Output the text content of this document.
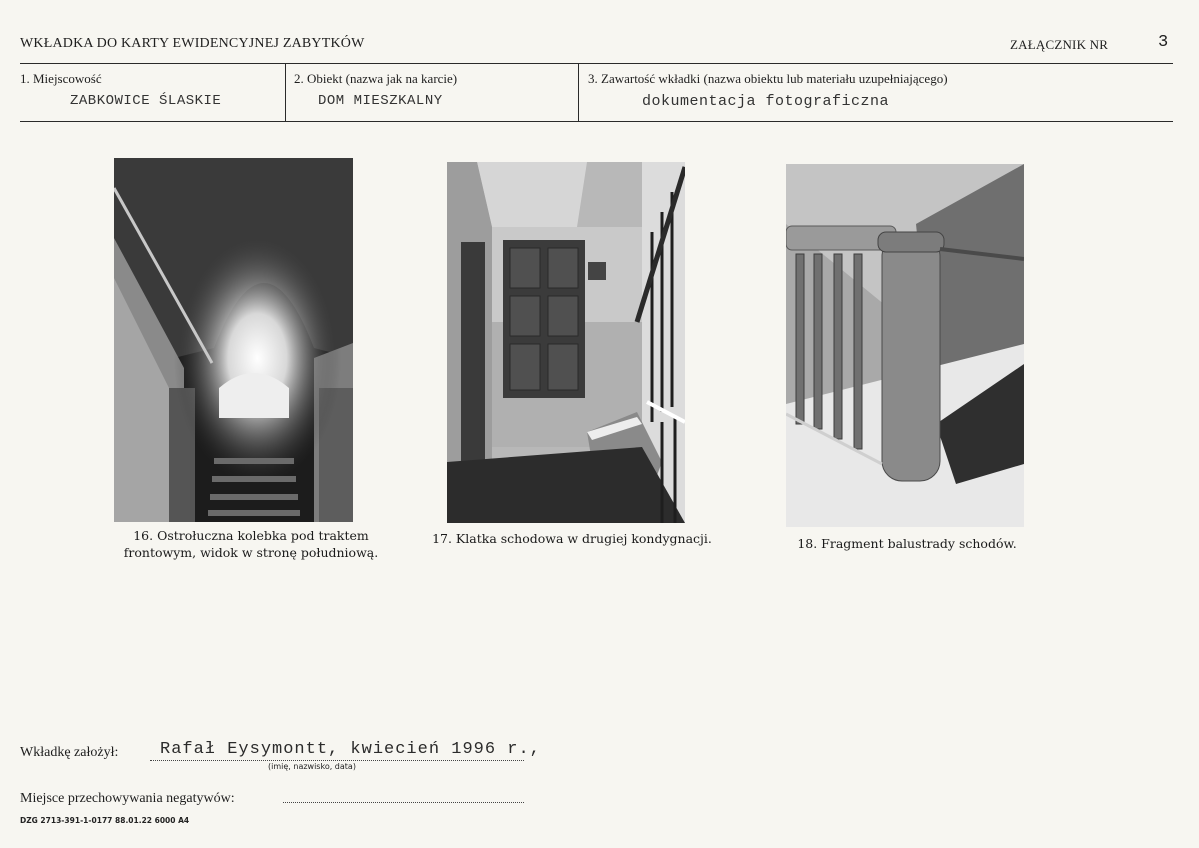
WKŁADKA DO KARTY EWIDENCYJNEJ ZABYTKÓW	ZAŁĄCZNIK NR	3
1. Miejscowość
ZABKOWICE ŚLASKIE
2. Obiekt (nazwa jak na karcie)
DOM MIESZKALNY
3. Zawartość wkładki (nazwa obiektu lub materiału uzupełniającego)
dokumentacja fotograficzna
16. Ostrołuczna kolebka pod traktem
frontowym, widok w stronę południową.
17. Klatka schodowa w drugiej kondygnacji.	18. Fragment balustrady schodów.
Wkładkę założył: Rafał Eysymontt, kwiecień 1996 r.,
(imię, nazwisko, data)
Miejsce przechowywania negatywów:
DZG 2713-391-1-0177 88.01.22 6000 A4
